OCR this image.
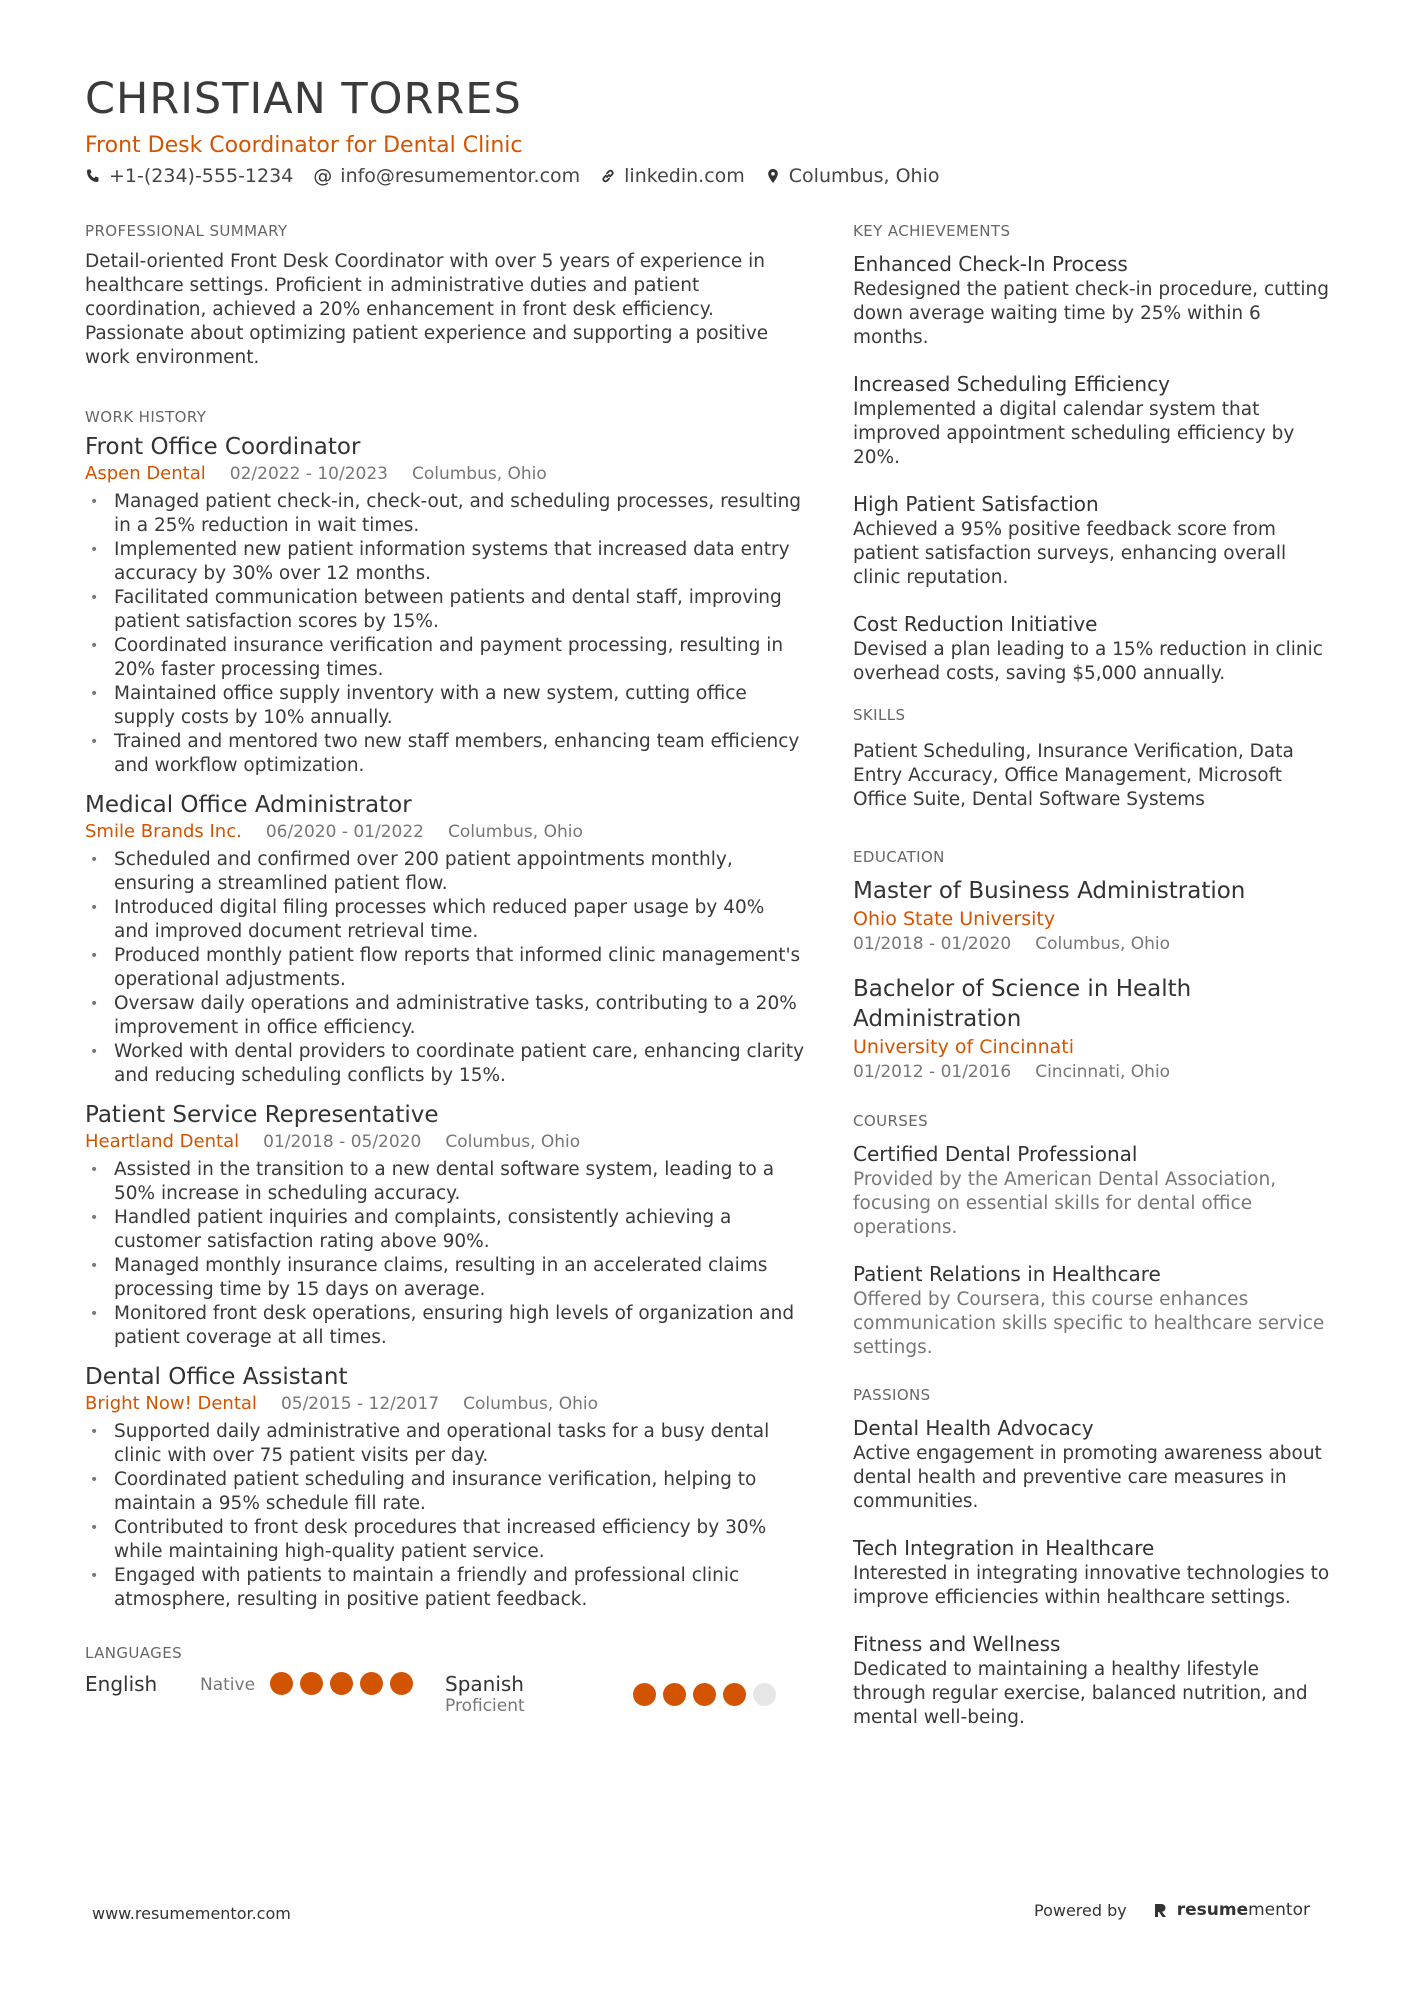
CHRISTIAN TORRES
Front Desk Coordinator for Dental Clinic
+1-(234)-555-1234 @ info@resumementor.com linkedin.com Columbus, Ohio
PROFESSIONAL SUMMARY
Detail-oriented Front Desk Coordinator with over 5 years of experience in healthcare settings. Proficient in administrative duties and patient coordination, achieved a 20% enhancement in front desk efficiency. Passionate about optimizing patient experience and supporting a positive work environment.
WORK HISTORY
Front Office Coordinator
Aspen Dental 02/2022 - 10/2023 Columbus, Ohio
• Managed patient check-in, check-out, and scheduling processes, resulting in a 25% reduction in wait times.
• Implemented new patient information systems that increased data entry accuracy by 30% over 12 months.
• Facilitated communication between patients and dental staff, improving patient satisfaction scores by 15%.
• Coordinated insurance verification and payment processing, resulting in 20% faster processing times.
• Maintained office supply inventory with a new system, cutting office supply costs by 10% annually.
• Trained and mentored two new staff members, enhancing team efficiency and workflow optimization.
Medical Office Administrator
Smile Brands Inc. 06/2020 - 01/2022 Columbus, Ohio
• Scheduled and confirmed over 200 patient appointments monthly, ensuring a streamlined patient flow.
• Introduced digital filing processes which reduced paper usage by 40% and improved document retrieval time.
• Produced monthly patient flow reports that informed clinic management's operational adjustments.
• Oversaw daily operations and administrative tasks, contributing to a 20% improvement in office efficiency.
• Worked with dental providers to coordinate patient care, enhancing clarity and reducing scheduling conflicts by 15%.
Patient Service Representative
Heartland Dental 01/2018 - 05/2020 Columbus, Ohio
• Assisted in the transition to a new dental software system, leading to a 50% increase in scheduling accuracy.
• Handled patient inquiries and complaints, consistently achieving a customer satisfaction rating above 90%.
• Managed monthly insurance claims, resulting in an accelerated claims processing time by 15 days on average.
• Monitored front desk operations, ensuring high levels of organization and patient coverage at all times.
Dental Office Assistant
Bright Now! Dental 05/2015 - 12/2017 Columbus, Ohio
• Supported daily administrative and operational tasks for a busy dental clinic with over 75 patient visits per day.
• Coordinated patient scheduling and insurance verification, helping to maintain a 95% schedule fill rate.
• Contributed to front desk procedures that increased efficiency by 30% while maintaining high-quality patient service.
• Engaged with patients to maintain a friendly and professional clinic atmosphere, resulting in positive patient feedback.
LANGUAGES
English	Native	Spanish
Proficient
KEY ACHIEVEMENTS
Enhanced Check-In Process
Redesigned the patient check-in procedure, cutting down average waiting time by 25% within 6 months.
Increased Scheduling Efficiency
Implemented a digital calendar system that improved appointment scheduling efficiency by 20%.
High Patient Satisfaction
Achieved a 95% positive feedback score from patient satisfaction surveys, enhancing overall clinic reputation.
Cost Reduction Initiative
Devised a plan leading to a 15% reduction in clinic overhead costs, saving $5,000 annually.
SKILLS
Patient Scheduling, Insurance Verification, Data Entry Accuracy, Office Management, Microsoft Office Suite, Dental Software Systems
EDUCATION
Master of Business Administration
Ohio State University
01/2018 - 01/2020 Columbus, Ohio
Bachelor of Science in Health Administration
University of Cincinnati
01/2012 - 01/2016 Cincinnati, Ohio
COURSES
Certified Dental Professional
Provided by the American Dental Association, focusing on essential skills for dental office operations.
Patient Relations in Healthcare
Offered by Coursera, this course enhances communication skills specific to healthcare service settings.
PASSIONS
Dental Health Advocacy
Active engagement in promoting awareness about dental health and preventive care measures in communities.
Tech Integration in Healthcare
Interested in integrating innovative technologies to improve efficiencies within healthcare settings.
Fitness and Wellness
Dedicated to maintaining a healthy lifestyle through regular exercise, balanced nutrition, and mental well-being.
www.resumementor.com	Powered by	resume mentor
